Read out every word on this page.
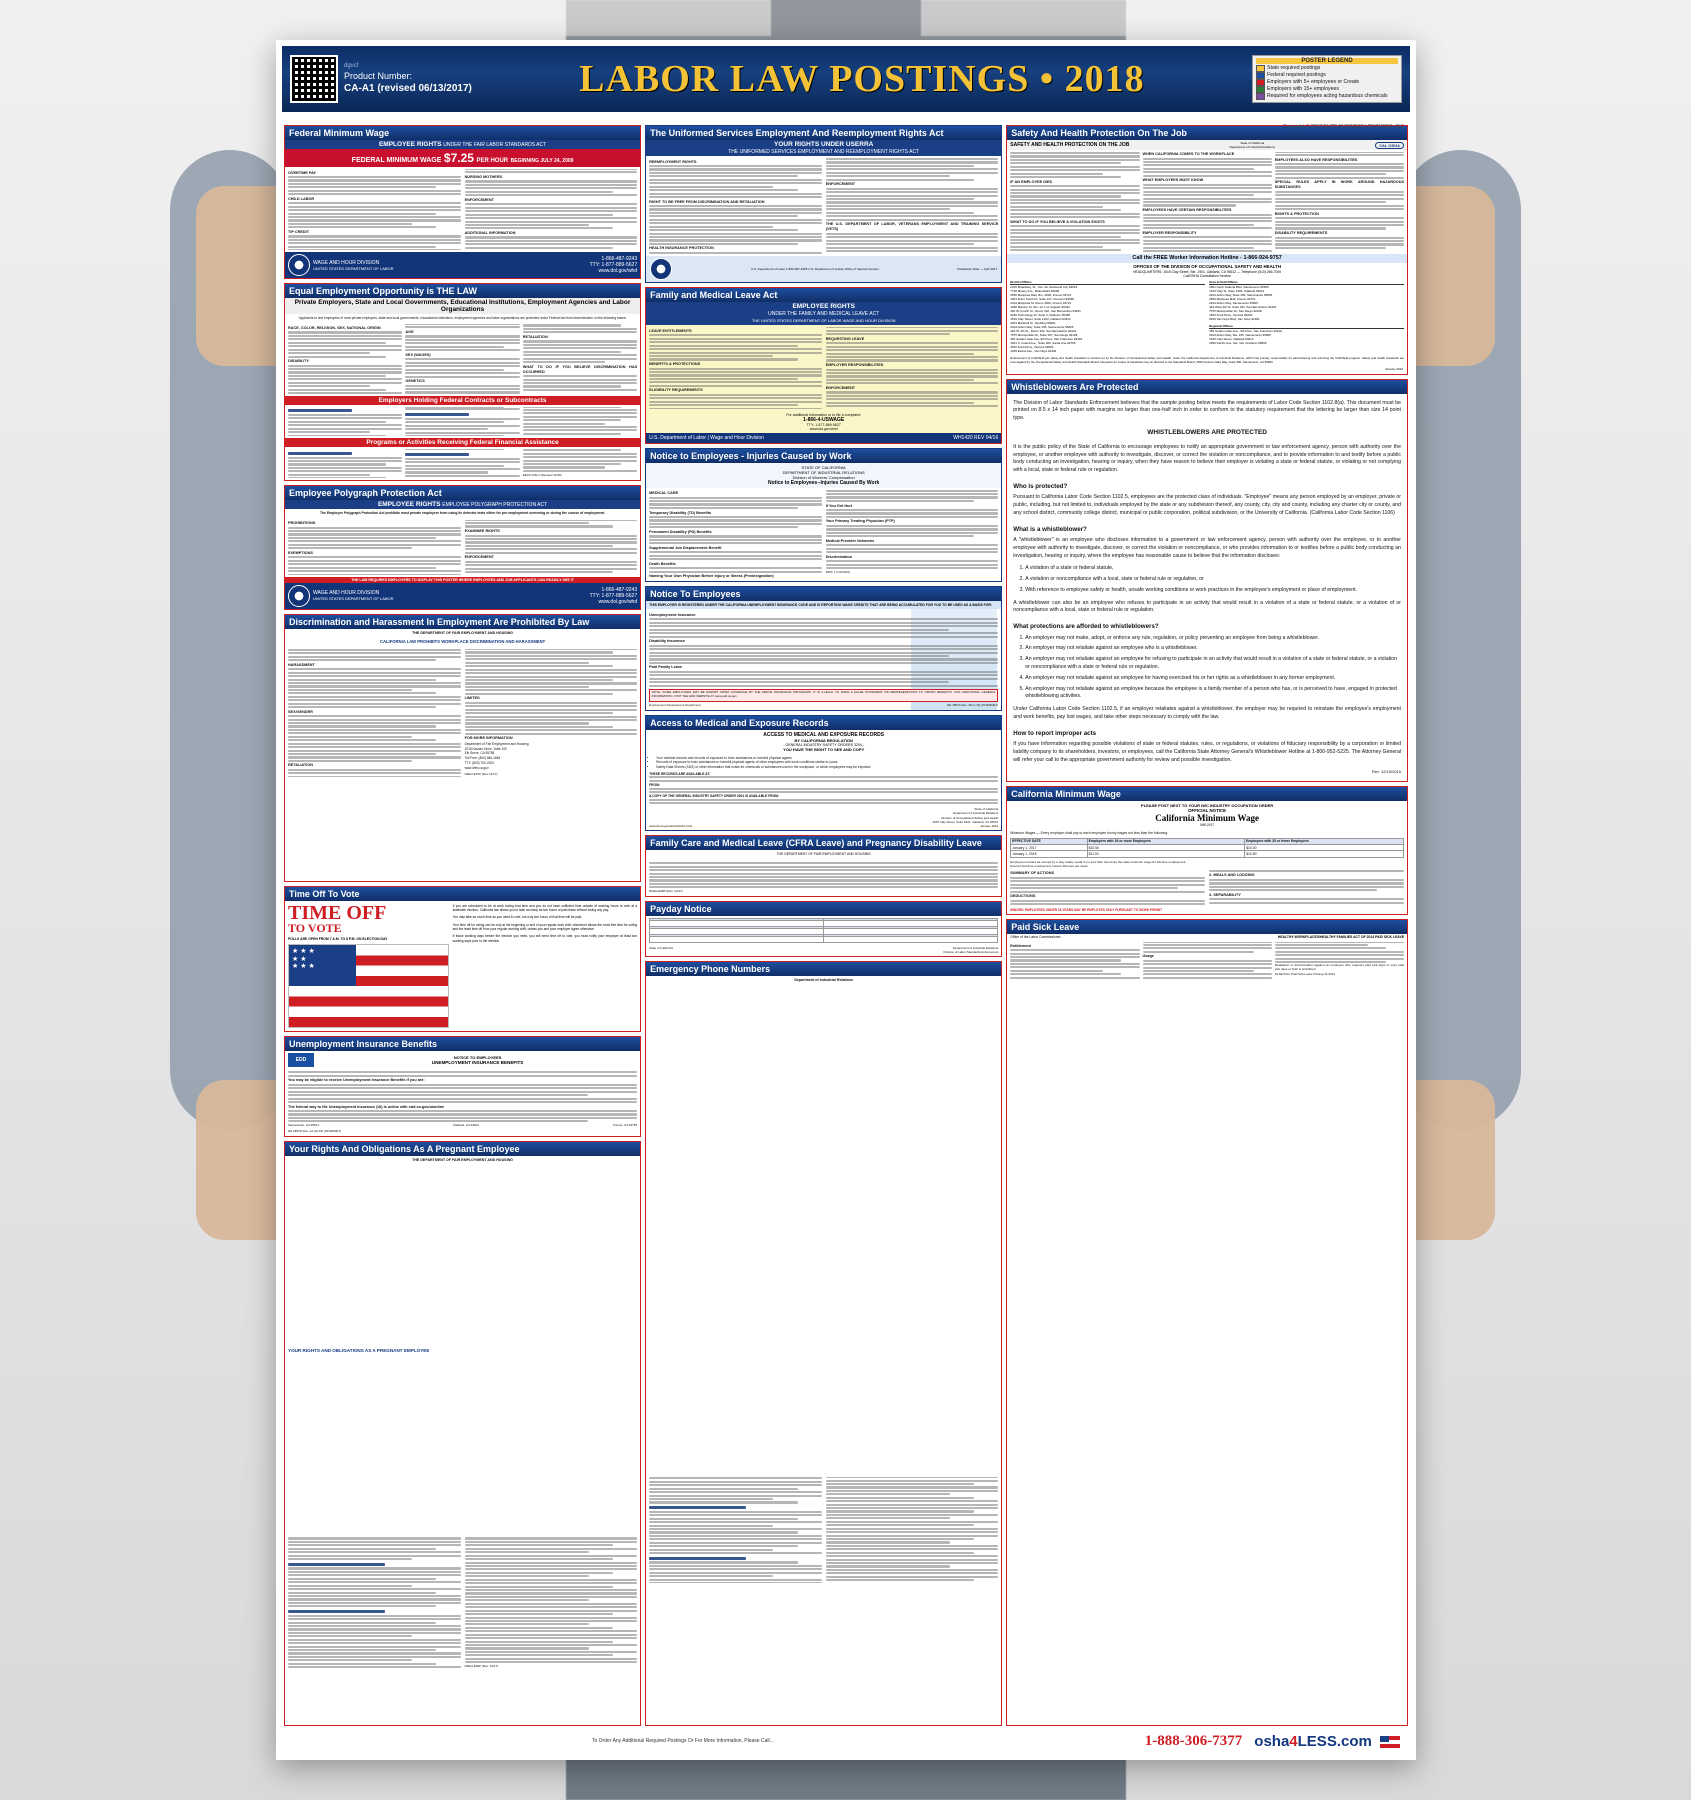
dgvcf
Product Number:
CA-A1 (revised 06/13/2017)	LABOR LAW POSTINGS • 2018	POSTER LEGEND
State required postings
Federal required postings
Employers with 5+ employees or Create
Employers with 15+ employees
Required for employees acting hazardous chemicals
Copyright © 2017 ELITE BUSINESS VENTURES, INC
Federal Minimum Wage
EMPLOYEE RIGHTS UNDER THE FAIR LABOR STANDARDS ACT
FEDERAL MINIMUM WAGE $7.25 PER HOUR BEGINNING JULY 24, 2009
OVERTIME PAY
CHILD LABOR
TIP CREDIT
NURSING MOTHERS
ENFORCEMENT
ADDITIONAL INFORMATION
WAGE AND HOUR DIVISION
UNITED STATES DEPARTMENT OF LABOR
1-866-487-9243
TTY: 1-877-889-5627
www.dol.gov/whd
Equal Employment Opportunity is THE LAW
Private Employers, State and Local Governments, Educational Institutions, Employment Agencies and Labor Organizations
Applicants to and employees of most private employers, state and local governments, educational institutions, employment agencies and labor organizations are protected under Federal law from discrimination on the following bases:
RACE, COLOR, RELIGION, SEX, NATIONAL ORIGIN
DISABILITY
AGE
SEX (WAGES)
GENETICS
RETALIATION
WHAT TO DO IF YOU BELIEVE DISCRIMINATION HAS OCCURRED
Employers Holding Federal Contracts or Subcontracts
Programs or Activities Receiving Federal Financial Assistance
EEOC-P/E-1 (Revised 11/09)
Employee Polygraph Protection Act
EMPLOYEE RIGHTS EMPLOYEE POLYGRAPH PROTECTION ACT
The Employee Polygraph Protection Act prohibits most private employers from using lie detector tests either for pre-employment screening or during the course of employment.
PROHIBITIONS
EXEMPTIONS
EXAMINEE RIGHTS
ENFORCEMENT
THE LAW REQUIRES EMPLOYERS TO DISPLAY THIS POSTER WHERE EMPLOYEES AND JOB APPLICANTS CAN READILY SEE IT
WAGE AND HOUR DIVISION
UNITED STATES DEPARTMENT OF LABOR
1-866-487-9243
TTY: 1-877-889-5627
www.dol.gov/whd
Discrimination and Harassment In Employment Are Prohibited By Law
THE DEPARTMENT OF FAIR EMPLOYMENT AND HOUSING
CALIFORNIA LAW PROHIBITS WORKPLACE DISCRIMINATION AND HARASSMENT
HARASSMENT
SEX/GENDER
RETALIATION
LIMITED
FOR MORE INFORMATION
Department of Fair Employment and Housing
2218 Kausen Drive, Suite 100
Elk Grove, CA 95758
Toll Free: (800) 884-1684
TTY: (800) 700-2320
www.dfeh.ca.gov
DFEH-E07P (Rev 12/17)
Time Off To Vote
TIME OFF
TO VOTE
POLLS ARE OPEN FROM 7 A.M. TO 8 P.M. ON ELECTION DAY
★ ★ ★ ★ ★ ★ ★ ★

If you are scheduled to be at work during that time and you do not have sufficient time outside of working hours to vote at a statewide election, California law allows you to take as many as two hours of paid leave without losing any pay.

You may take as much time as you need to vote, but only two hours of that time will be paid.

Your time off for voting can be only at the beginning or end of your regular work shift, whichever allows the most free time for voting and the least time off from your regular working shift, unless you and your employer agree otherwise.

If those working days before the election you need, you will need time off to vote, you must notify your employer at least two working days prior to the election.

Unemployment Insurance Benefits
EDD	NOTICE TO EMPLOYEES
UNEMPLOYMENT INSURANCE BENEFITS
You may be eligible to receive Unemployment Insurance Benefits if you are:
The federal way to file Unemployment Insurance (UI) is online with edd.ca.gov/uionline
Sacramento, CA 95814	Oakland, CA 94612	Fresno, CA 93755
DE 1857D Rev. 14 (10-15) (INTERNET)
Your Rights And Obligations As A Pregnant Employee
THE DEPARTMENT OF FAIR EMPLOYMENT AND HOUSING
YOUR RIGHTS AND OBLIGATIONS AS A PREGNANT EMPLOYEE
DFEH-E09P (Rev. 12/17)
The Uniformed Services Employment And Reemployment Rights Act
YOUR RIGHTS UNDER USERRA
THE UNIFORMED SERVICES EMPLOYMENT AND REEMPLOYMENT RIGHTS ACT
REEMPLOYMENT RIGHTS
RIGHT TO BE FREE FROM DISCRIMINATION AND RETALIATION
HEALTH INSURANCE PROTECTION
ENFORCEMENT
THE U.S. DEPARTMENT OF LABOR, VETERANS EMPLOYMENT AND TRAINING SERVICE (VETS)
U.S. Department of Labor 1-866-487-2365 U.S. Department of Justice Office of Special Counsel	Publication Date — April 2017
Family and Medical Leave Act
EMPLOYEE RIGHTS
UNDER THE FAMILY AND MEDICAL LEAVE ACT
THE UNITED STATES DEPARTMENT OF LABOR WAGE AND HOUR DIVISION
LEAVE ENTITLEMENTS
BENEFITS & PROTECTIONS
ELIGIBILITY REQUIREMENTS
REQUESTING LEAVE
EMPLOYER RESPONSIBILITIES
ENFORCEMENT
For additional information or to file a complaint:
1-866-4-USWAGE
TTY: 1-877-889-5627
www.dol.gov/whd
U.S. Department of Labor | Wage and Hour Division	WH1420 REV 04/16
Notice to Employees - Injuries Caused by Work
STATE OF CALIFORNIA
DEPARTMENT OF INDUSTRIAL RELATIONS
Division of Workers' Compensation
Notice to Employees--Injuries Caused By Work
MEDICAL CARE
Temporary Disability (TD) Benefits
Permanent Disability (PD) Benefits
Supplemental Job Displacement Benefit
Death Benefits
Naming Your Own Physician Before Injury or Illness (Predesignation)
If You Get Hurt
Your Primary Treating Physician (PTP)
Medical Provider Networks
Discrimination
DWC 7 (1/1/2016)
Notice To Employees
THIS EMPLOYER IS REGISTERED UNDER THE CALIFORNIA UNEMPLOYMENT INSURANCE CODE AND IS REPORTING WAGE CREDITS THAT ARE BEING ACCUMULATED FOR YOU TO BE USED AS A BASIS FOR:
Unemployment Insurance
Disability Insurance
Paid Family Leave
NOTE: SOME EMPLOYEES MAY BE EXEMPT FROM COVERAGE BY THE ABOVE INSURANCE PROGRAMS. IT IS ILLEGAL TO MAKE A FALSE STATEMENT OR REPRESENTATION TO OBTAIN BENEFITS. FOR ADDITIONAL GENERAL INFORMATION, VISIT THE EDD WEBSITE AT www.edd.ca.gov
Employment Development Department	DE 1857A Rev. 48 (1-16) (INTERNET)
Access to Medical and Exposure Records
ACCESS TO MEDICAL AND EXPOSURE RECORDS
BY CALIFORNIA REGULATION
- GENERAL INDUSTRY SAFETY ORDERS 3204 -
YOU HAVE THE RIGHT TO SEE AND COPY
• Your medical records and records of exposure to toxic substances or harmful physical agents.
• Records of exposure to toxic substances or harmful physical agents of other employees with work conditions similar to yours.
• Safety Data Sheets (SDS) or other information that exists for chemicals or substances used in the workplace, or which employees may be exposed.
THESE RECORDS ARE AVAILABLE AT:
FROM:
A COPY OF THE GENERAL INDUSTRY SAFETY ORDER 3204 IS AVAILABLE FROM:
www.dir.ca.gov/dosh/dosh1.html
State of California
Department of Industrial Relations
Division of Occupational Safety and Health
1515 Clay Street, Suite 1901, Oakland, CA 94612
January 2013
Family Care and Medical Leave (CFRA Leave) and Pregnancy Disability Leave
THE DEPARTMENT OF FAIR EMPLOYMENT AND HOUSING
DFEH-E08P (Rev. 12/17)
Payday Notice

State of California	Department of Industrial Relations
Division of Labor Standards Enforcement
Emergency Phone Numbers
Department of Industrial Relations
Safety And Health Protection On The Job
SAFETY AND HEALTH PROTECTION ON THE JOB	State of California
Department of Industrial Relations	CAL OSHA
IF AN EMPLOYEE DIES
WHAT TO DO IF YOU BELIEVE A VIOLATION EXISTS
WHEN CALIFORNIA COMES TO THE WORKPLACE
WHAT EMPLOYEES MUST KNOW
EMPLOYEES HAVE CERTAIN RESPONSIBILITIES
EMPLOYER RESPONSIBILITY
EMPLOYEES ALSO HAVE RESPONSIBILITIES
SPECIAL RULES APPLY IN WORK AROUND HAZARDOUS SUBSTANCES
RIGHTS & PROTECTION
DISABILITY REQUIREMENTS
Call the FREE Worker Information Hotline - 1-866-924-9757
OFFICES OF THE DIVISION OF OCCUPATIONAL SAFETY AND HEALTH
HEADQUARTERS: 1515 Clay Street, Ste. 1901, Oakland, CA 94612 — Telephone (510) 286-7000
Cal/OSHA Consultation Service
District Offices
2415 Broadway, St., Ste. 4A, Redwood City 94063
7718 Meany Ave., Bakersfield 93308
2550 Mariposa Mall, Rm. 4000, Fresno 93721
1901 Enter South Dr, Suite 317, Fremont 94538
2424 Mariposa St, Room 4000, Fresno 93721
1250 Mission St, Ste. 12, Los Angeles 90012
464 W. Fourth St., Room 332, San Bernardino 93401
6150 Technology Dr, Suite 3, Modesto 95356
1515 Clay Street, Suite 1303, Oakland 94612
2001 Marshall St., Redding 96001
2424 Arden Way, Suite 165, Sacramento 95825
464 W. 4th St., Room 332, San Bernardino 92401
7575 Metropolitan Dr, Suite 207, San Diego 92108
455 Golden Gate Ave, 9th Floor, San Francisco 94102
1001 S. Grand Ave., Suite 300, Santa Ana 92705
1870 Knoll Drive, Ventura 93003
1325 Evans Ave., Van Nuys 91406
Area & Field Offices
1601 North Galleria Blvd, Sacramento 95815
1515 Clay St, Suite 1303, Oakland 94612
2424 Arden Way, Suite 165, Sacramento 95825
2550 Mariposa Mall, Fresno 93721
2424 Arden Way, Sacramento 95825
464 West 4th St, Suite 332, San Bernardino 92401
7575 Metropolitan Dr, San Diego 92108
1870 Knoll Drive, Ventura 93003
6150 Van Nuys Blvd, Van Nuys 91401
Regional Offices
455 Golden Gate Ave., 9th Floor, San Francisco 94102
2424 Arden Way, Ste. 165, Sacramento 95825
1515 Clay Street, Oakland 94612
1590 Pacific Ave, Ste. 110, Anaheim 92806
Enforcement of Cal/OSHA job safety and health standards is carried out by the Division of Occupational Safety and Health, under the California Department of Industrial Relations, which has primary responsibility for administering and enforcing the Cal/OSHA program. Safety and health standards are promulgated by the Occupational Safety and Health Standards Board. Requests for copies of standards may be directed to the Standards Board, 2520 Venture Oaks Way, Suite 350, Sacramento, CA 95833.
January 2016
Whistleblowers Are Protected

The Division of Labor Standards Enforcement believes that the sample posting below meets the requirements of Labor Code Section 1102.8(a). This document must be printed on 8.5 x 14 inch paper with margins no larger than one-half inch in order to conform to the statutory requirement that the lettering be larger than size 14 point type.

WHISTLEBLOWERS ARE PROTECTED

It is the public policy of the State of California to encourage employees to notify an appropriate government or law enforcement agency, person with authority over the employee, or another employee with authority to investigate, discover, or correct the violation or noncompliance, and to provide information to and testify before a public body conducting an investigation, hearing or inquiry, when they have reason to believe their employer is violating a state or federal statute, or violating or not complying with a local, state or federal rule or regulation.

Who is protected?

Pursuant to California Labor Code Section 1102.5, employees are the protected class of individuals. "Employee" means any person employed by an employer, private or public, including, but not limited to, individuals employed by the state or any subdivision thereof, any county, city, city and county, including any charter city or county, and any school district, community college district, municipal or public corporation, political subdivision, or the University of California. (California Labor Code Section 1106)

What is a whistleblower?

A "whistleblower" is an employee who discloses information to a government or law enforcement agency, person with authority over the employee, or to another employee with authority to investigate, discover, or correct the violation or noncompliance, or who provides information to or testifies before a public body conducting an investigation, hearing or inquiry, where the employee has reasonable cause to believe that the information discloses:

1. A violation of a state or federal statute,
2. A violation or noncompliance with a local, state or federal rule or regulation, or
3. With reference to employee safety or health, unsafe working conditions or work practices in the employee's employment or place of employment.

A whistleblower can also be an employee who refuses to participate in an activity that would result in a violation of a state or federal statute, or a violation of or noncompliance with a local, state or federal rule or regulation.

What protections are afforded to whistleblowers?
1. An employer may not make, adopt, or enforce any rule, regulation, or policy preventing an employee from being a whistleblower.
2. An employer may not retaliate against an employee who is a whistleblower.
3. An employer may not retaliate against an employee for refusing to participate in an activity that would result in a violation of a state or federal statute, or a violation or noncompliance with a state or federal rule or regulation.
4. An employer may not retaliate against an employee for having exercised his or her rights as a whistleblower in any former employment.
5. An employer may not retaliate against an employee because the employee is a family member of a person who has, or is perceived to have, engaged in protected whistleblowing activities.

Under California Labor Code Section 1102.5, if an employer retaliates against a whistleblower, the employer may be required to reinstate the employee's employment and work benefits, pay lost wages, and take other steps necessary to comply with the law.

How to report improper acts

If you have information regarding possible violations of state or federal statutes, rules, or regulations, or violations of fiduciary responsibility by a corporation or limited liability company to its shareholders, investors, or employees, call the California State Attorney General's Whistleblower Hotline at 1-800-952-5225. The Attorney General will refer your call to the appropriate government authority for review and possible investigation.

Rev. 12/15/2015
California Minimum Wage
PLEASE POST NEXT TO YOUR IWC INDUSTRY OCCUPATION ORDER
OFFICIAL NOTICE
California Minimum Wage
MW-2017
Minimum Wages — Every employer shall pay to each employee hourly wages not less than the following:
EFFECTIVE DATE	Employers with 26 or more Employees	Employers with 25 or fewer Employees
January 1, 2017	$10.50	$10.00
January 1, 2018	$11.00	$10.50
Employees treated as exempt by a duty salary equal to no less than two times the state minimum wage for full-time employment.
Exempt Full-time employment means 40 hours per week.
SUMMARY OF ACTIONS
DEDUCTIONS
2. MEALS AND LODGING
3. SEPARABILITY
MINORS: EMPLOYEES UNDER 18 YEARS MAY BE EMPLOYED ONLY PURSUANT TO WORK PERMIT
Paid Sick Leave
Office of the Labor Commissioner	HEALTHY WORKPLACES/HEALTHY FAMILIES ACT OF 2014 PAID SICK LEAVE
Entitlement
Usage
Retaliation or discrimination against an employee who requests paid sick days or uses paid sick days or both is prohibited.
DLSE Publ. Paid Sick Leave Posting 11-2014
To Order Any Additional Required Postings Or For More Information, Please Call...	1-888-306-7377 osha4LESS.com
